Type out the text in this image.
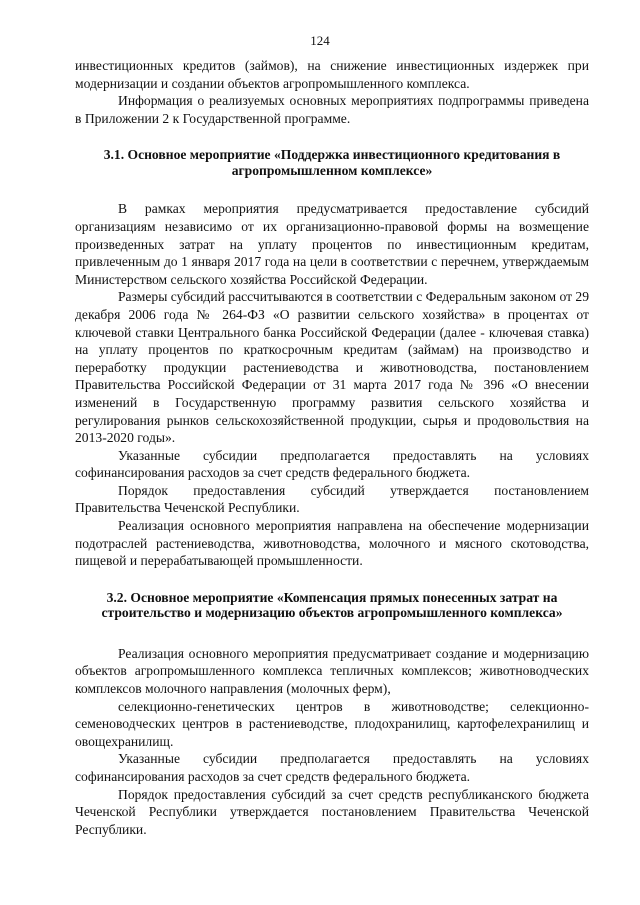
124

инвестиционных кредитов (займов), на снижение инвестиционных издержек при модернизации и создании объектов агропромышленного комплекса.

Информация о реализуемых основных мероприятиях подпрограммы приведена в Приложении 2 к Государственной программе.

3.1. Основное мероприятие «Поддержка инвестиционного кредитования в агропромышленном комплексе»

В рамках мероприятия предусматривается предоставление субсидий организациям независимо от их организационно-правовой формы на возмещение произведенных затрат на уплату процентов по инвестиционным кредитам, привлеченным до 1 января 2017 года на цели в соответствии с перечнем, утверждаемым Министерством сельского хозяйства Российской Федерации.

Размеры субсидий рассчитываются в соответствии с Федеральным законом от 29 декабря 2006 года № 264-ФЗ «О развитии сельского хозяйства» в процентах от ключевой ставки Центрального банка Российской Федерации (далее - ключевая ставка) на уплату процентов по краткосрочным кредитам (займам) на производство и переработку продукции растениеводства и животноводства, постановлением Правительства Российской Федерации от 31 марта 2017 года № 396 «О внесении изменений в Государственную программу развития сельского хозяйства и регулирования рынков сельскохозяйственной продукции, сырья и продовольствия на 2013-2020 годы».

Указанные субсидии предполагается предоставлять на условиях софинансирования расходов за счет средств федерального бюджета.

Порядок предоставления субсидий утверждается постановлением Правительства Чеченской Республики.

Реализация основного мероприятия направлена на обеспечение модернизации подотраслей растениеводства, животноводства, молочного и мясного скотоводства, пищевой и перерабатывающей промышленности.

3.2. Основное мероприятие «Компенсация прямых понесенных затрат на строительство и модернизацию объектов агропромышленного комплекса»

Реализация основного мероприятия предусматривает создание и модернизацию объектов агропромышленного комплекса тепличных комплексов; животноводческих комплексов молочного направления (молочных ферм),

селекционно-генетических центров в животноводстве; селекционно-семеноводческих центров в растениеводстве, плодохранилищ, картофелехранилищ и овощехранилищ.

Указанные субсидии предполагается предоставлять на условиях софинансирования расходов за счет средств федерального бюджета.

Порядок предоставления субсидий за счет средств республиканского бюджета Чеченской Республики утверждается постановлением Правительства Чеченской Республики.
